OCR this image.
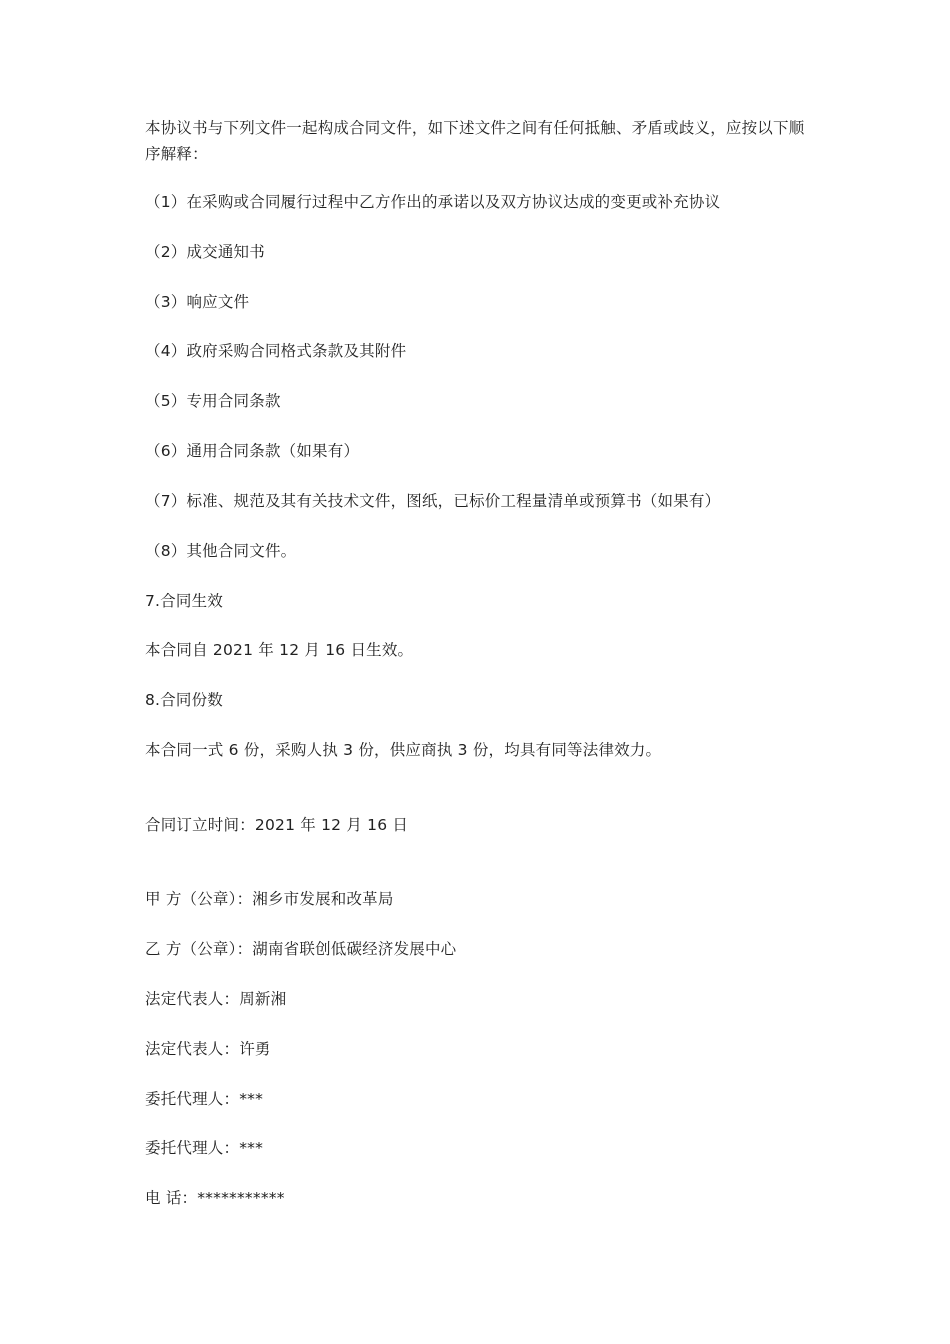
本协议书与下列文件一起构成合同文件，如下述文件之间有任何抵触、矛盾或歧义，应按以下顺序解释：
（1）在采购或合同履行过程中乙方作出的承诺以及双方协议达成的变更或补充协议
（2）成交通知书
（3）响应文件
（4）政府采购合同格式条款及其附件
（5）专用合同条款
（6）通用合同条款（如果有）
（7）标准、规范及其有关技术文件，图纸，已标价工程量清单或预算书（如果有）
（8）其他合同文件。
7.合同生效
本合同自 2021 年 12 月 16 日生效。
8.合同份数
本合同一式 6 份，采购人执 3 份，供应商执 3 份，均具有同等法律效力。
合同订立时间：2021 年 12 月 16 日
甲 方（公章）：湘乡市发展和改革局
乙 方（公章）：湖南省联创低碳经济发展中心
法定代表人：周新湘
法定代表人：许勇
委托代理人：***
委托代理人：***
电 话：***********
